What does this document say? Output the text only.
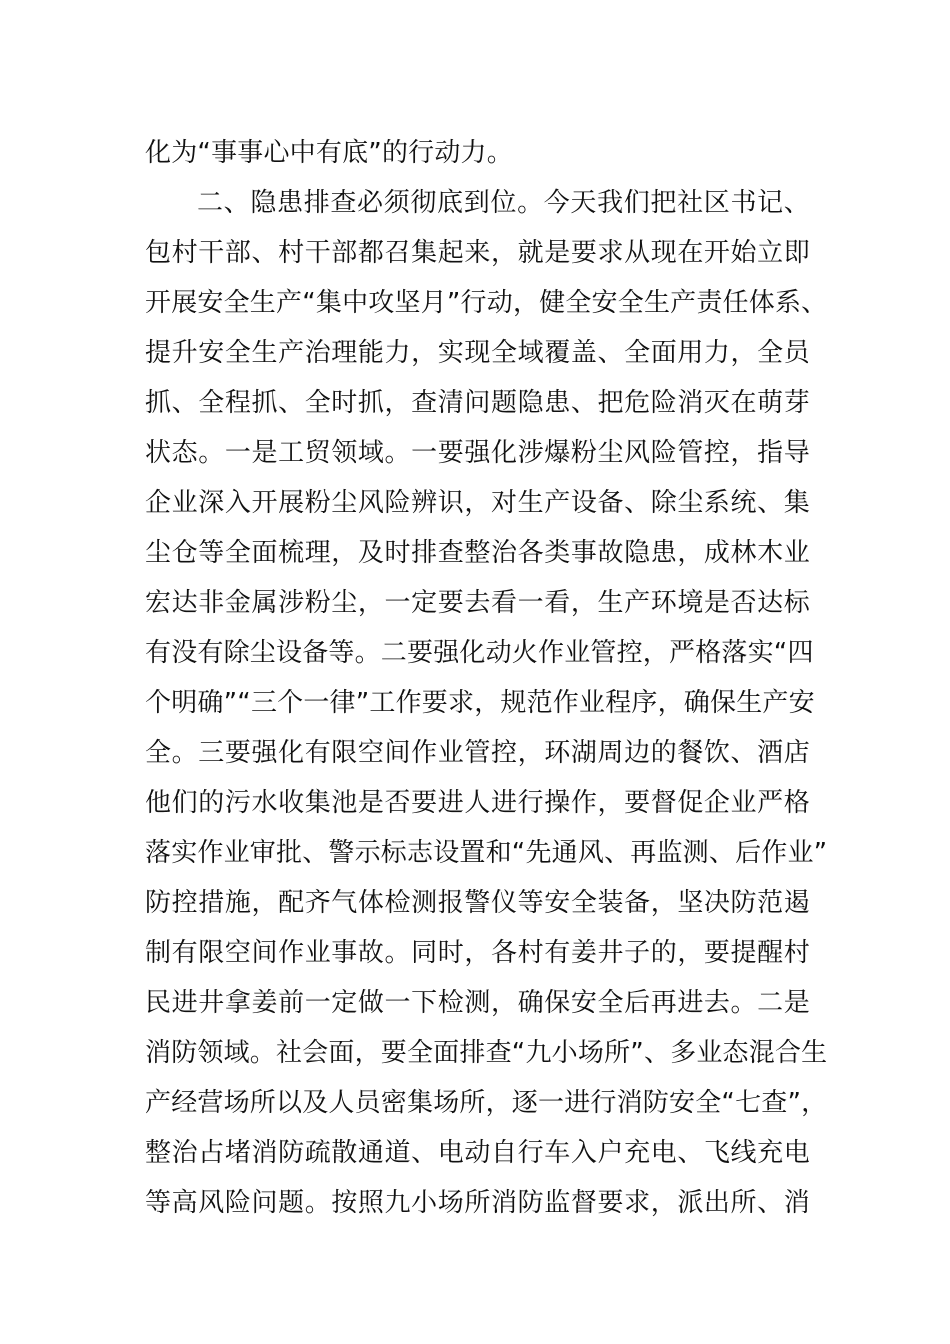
化为“事事心中有底”的行动力。
二、隐患排查必须彻底到位。今天我们把社区书记、
包村干部、村干部都召集起来，就是要求从现在开始立即
开展安全生产“集中攻坚月”行动，健全安全生产责任体系、
提升安全生产治理能力，实现全域覆盖、全面用力，全员
抓、全程抓、全时抓，查清问题隐患、把危险消灭在萌芽
状态。一是工贸领域。一要强化涉爆粉尘风险管控，指导
企业深入开展粉尘风险辨识，对生产设备、除尘系统、集
尘仓等全面梳理，及时排查整治各类事故隐患，成林木业
宏达非金属涉粉尘，一定要去看一看，生产环境是否达标
有没有除尘设备等。二要强化动火作业管控，严格落实“四
个明确”“三个一律”工作要求，规范作业程序，确保生产安
全。三要强化有限空间作业管控，环湖周边的餐饮、酒店
他们的污水收集池是否要进人进行操作，要督促企业严格
落实作业审批、警示标志设置和“先通风、再监测、后作业”
防控措施，配齐气体检测报警仪等安全装备，坚决防范遏
制有限空间作业事故。同时，各村有姜井子的，要提醒村
民进井拿姜前一定做一下检测，确保安全后再进去。二是
消防领域。社会面，要全面排查“九小场所”、多业态混合生
产经营场所以及人员密集场所，逐一进行消防安全“七查”，
整治占堵消防疏散通道、电动自行车入户充电、飞线充电
等高风险问题。按照九小场所消防监督要求，派出所、消
